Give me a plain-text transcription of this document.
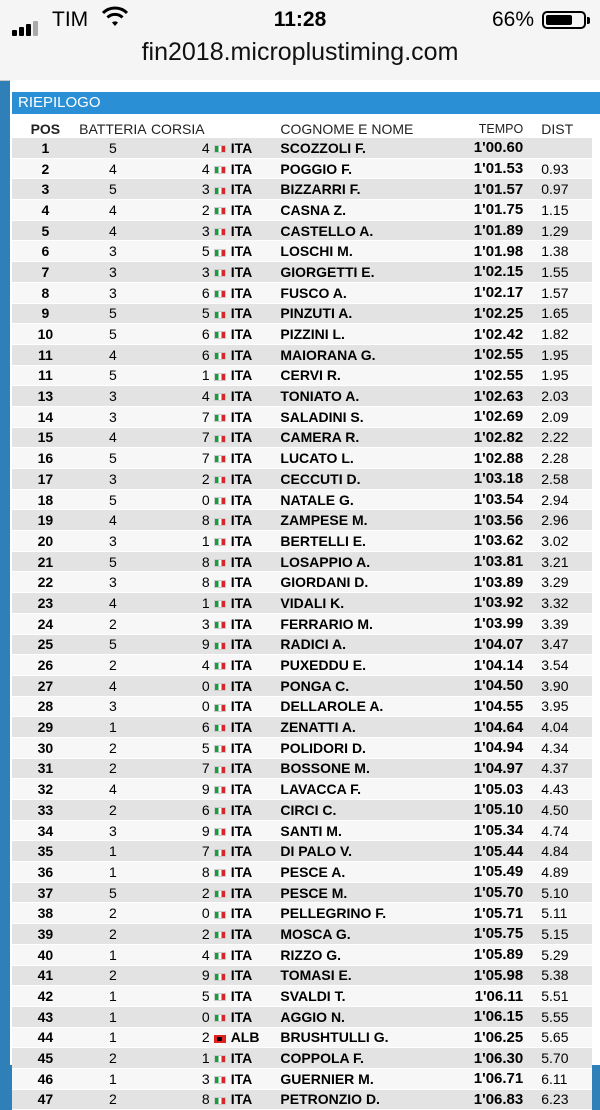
TIM	11:28	66%
fin2018.microplustiming.com
RIEPILOGO
POS	BATTERIA	CORSIA		COGNOME E NOME	TEMPO	DIST
1	5	4	ITA	SCOZZOLI F.	1'00.60	
2	4	4	ITA	POGGIO F.	1'01.53	0.93
3	5	3	ITA	BIZZARRI F.	1'01.57	0.97
4	4	2	ITA	CASNA Z.	1'01.75	1.15
5	4	3	ITA	CASTELLO A.	1'01.89	1.29
6	3	5	ITA	LOSCHI M.	1'01.98	1.38
7	3	3	ITA	GIORGETTI E.	1'02.15	1.55
8	3	6	ITA	FUSCO A.	1'02.17	1.57
9	5	5	ITA	PINZUTI A.	1'02.25	1.65
10	5	6	ITA	PIZZINI L.	1'02.42	1.82
11	4	6	ITA	MAIORANA G.	1'02.55	1.95
11	5	1	ITA	CERVI R.	1'02.55	1.95
13	3	4	ITA	TONIATO A.	1'02.63	2.03
14	3	7	ITA	SALADINI S.	1'02.69	2.09
15	4	7	ITA	CAMERA R.	1'02.82	2.22
16	5	7	ITA	LUCATO L.	1'02.88	2.28
17	3	2	ITA	CECCUTI D.	1'03.18	2.58
18	5	0	ITA	NATALE G.	1'03.54	2.94
19	4	8	ITA	ZAMPESE M.	1'03.56	2.96
20	3	1	ITA	BERTELLI E.	1'03.62	3.02
21	5	8	ITA	LOSAPPIO A.	1'03.81	3.21
22	3	8	ITA	GIORDANI D.	1'03.89	3.29
23	4	1	ITA	VIDALI K.	1'03.92	3.32
24	2	3	ITA	FERRARIO M.	1'03.99	3.39
25	5	9	ITA	RADICI A.	1'04.07	3.47
26	2	4	ITA	PUXEDDU E.	1'04.14	3.54
27	4	0	ITA	PONGA C.	1'04.50	3.90
28	3	0	ITA	DELLAROLE A.	1'04.55	3.95
29	1	6	ITA	ZENATTI A.	1'04.64	4.04
30	2	5	ITA	POLIDORI D.	1'04.94	4.34
31	2	7	ITA	BOSSONE M.	1'04.97	4.37
32	4	9	ITA	LAVACCA F.	1'05.03	4.43
33	2	6	ITA	CIRCI C.	1'05.10	4.50
34	3	9	ITA	SANTI M.	1'05.34	4.74
35	1	7	ITA	DI PALO V.	1'05.44	4.84
36	1	8	ITA	PESCE A.	1'05.49	4.89
37	5	2	ITA	PESCE M.	1'05.70	5.10
38	2	0	ITA	PELLEGRINO F.	1'05.71	5.11
39	2	2	ITA	MOSCA G.	1'05.75	5.15
40	1	4	ITA	RIZZO G.	1'05.89	5.29
41	2	9	ITA	TOMASI E.	1'05.98	5.38
42	1	5	ITA	SVALDI T.	1'06.11	5.51
43	1	0	ITA	AGGIO N.	1'06.15	5.55
44	1	2	ALB	BRUSHTULLI G.	1'06.25	5.65
45	2	1	ITA	COPPOLA F.	1'06.30	5.70
46	1	3	ITA	GUERNIER M.	1'06.71	6.11
47	2	8	ITA	PETRONZIO D.	1'06.83	6.23
